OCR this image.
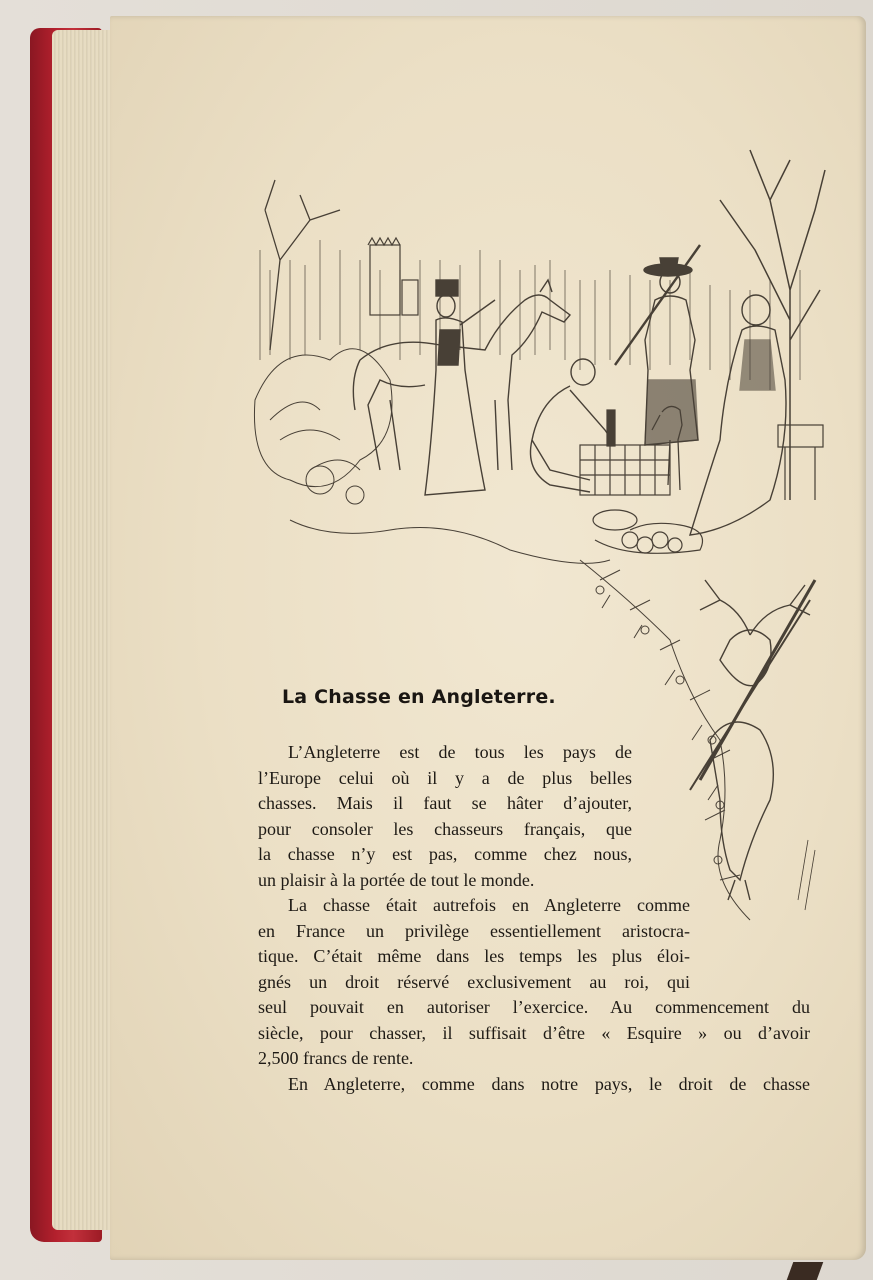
La Chasse en Angleterre.
L’Angleterre est de tous les pays de
l’Europe celui où il y a de plus belles
chasses. Mais il faut se hâter d’ajouter,
pour consoler les chasseurs français, que
la chasse n’y est pas, comme chez nous,
un plaisir à la portée de tout le monde.
La chasse était autrefois en Angleterre comme
en France un privilège essentiellement aristocra-
tique. C’était même dans les temps les plus éloi-
gnés un droit réservé exclusivement au roi, qui
seul pouvait en autoriser l’exercice. Au commencement du
siècle, pour chasser, il suffisait d’être « Esquire » ou d’avoir
2,500 francs de rente.
En Angleterre, comme dans notre pays, le droit de chasse
